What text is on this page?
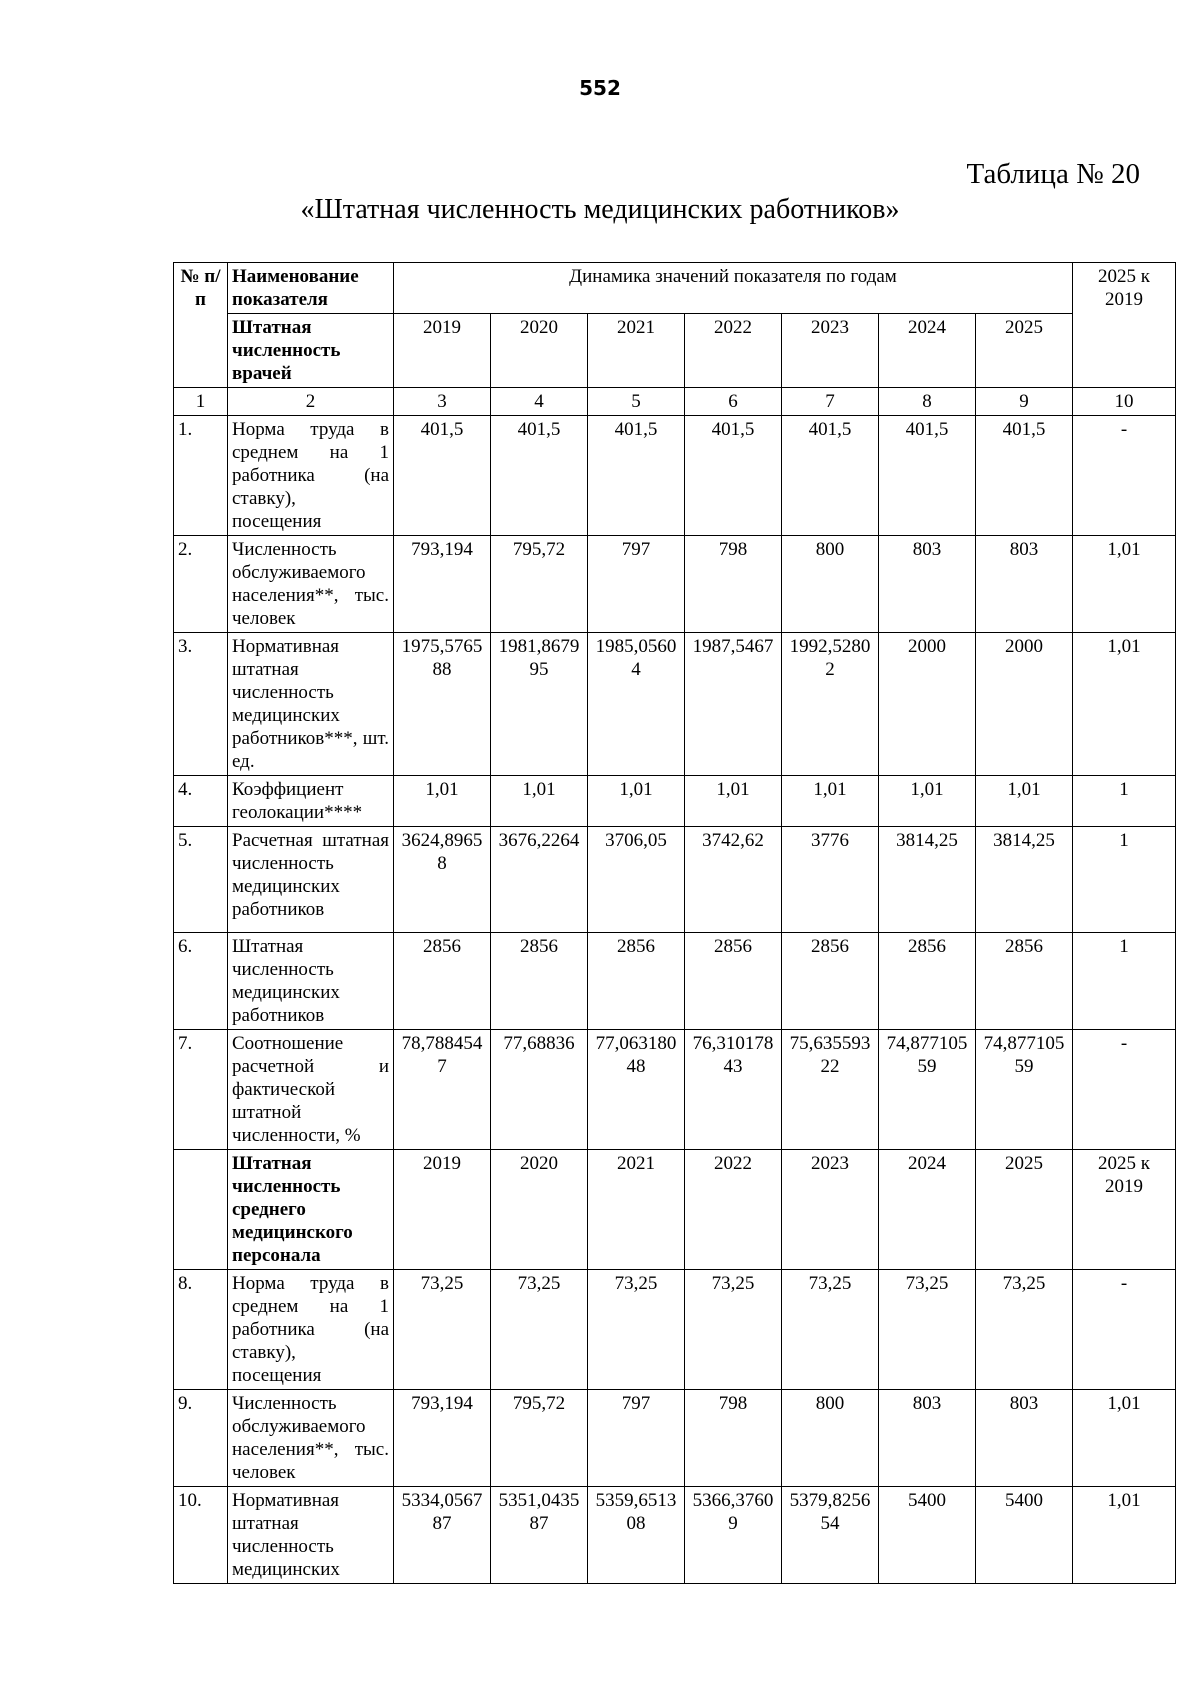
552
Таблица № 20
«Штатная численность медицинских работников»
№ п/п	Наименование показателя	Динамика значений показателя по годам							2025 к 2019
	Штатная численность врачей	2019	2020	2021	2022	2023	2024	2025	
1	2	3	4	5	6	7	8	9	10
1.	Норма труда в среднем на 1 работника (на ставку), посещения	401,5	401,5	401,5	401,5	401,5	401,5	401,5	-
2.	Численность обслуживаемого населения**, тыс. человек	793,194	795,72	797	798	800	803	803	1,01
3.	Нормативная штатная численность медицинских работников***, шт. ед.	1975,576588	1981,867995	1985,05604	1987,5467	1992,52802	2000	2000	1,01
4.	Коэффициент геолокации****	1,01	1,01	1,01	1,01	1,01	1,01	1,01	1
5.	Расчетная штатная численность медицинских работников	3624,89658	3676,2264	3706,05	3742,62	3776	3814,25	3814,25	1
6.	Штатная численность медицинских работников	2856	2856	2856	2856	2856	2856	2856	1
7.	Соотношение расчетной и фактической штатной численности, %	78,7884547	77,68836	77,06318048	76,31017843	75,63559322	74,87710559	74,87710559	-
	Штатная численность среднего медицинского персонала	2019	2020	2021	2022	2023	2024	2025	2025 к 2019
8.	Норма труда в среднем на 1 работника (на ставку), посещения	73,25	73,25	73,25	73,25	73,25	73,25	73,25	-
9.	Численность обслуживаемого населения**, тыс. человек	793,194	795,72	797	798	800	803	803	1,01
10.	Нормативная штатная численность медицинских	5334,056787	5351,043587	5359,651308	5366,37609	5379,825654	5400	5400	1,01
